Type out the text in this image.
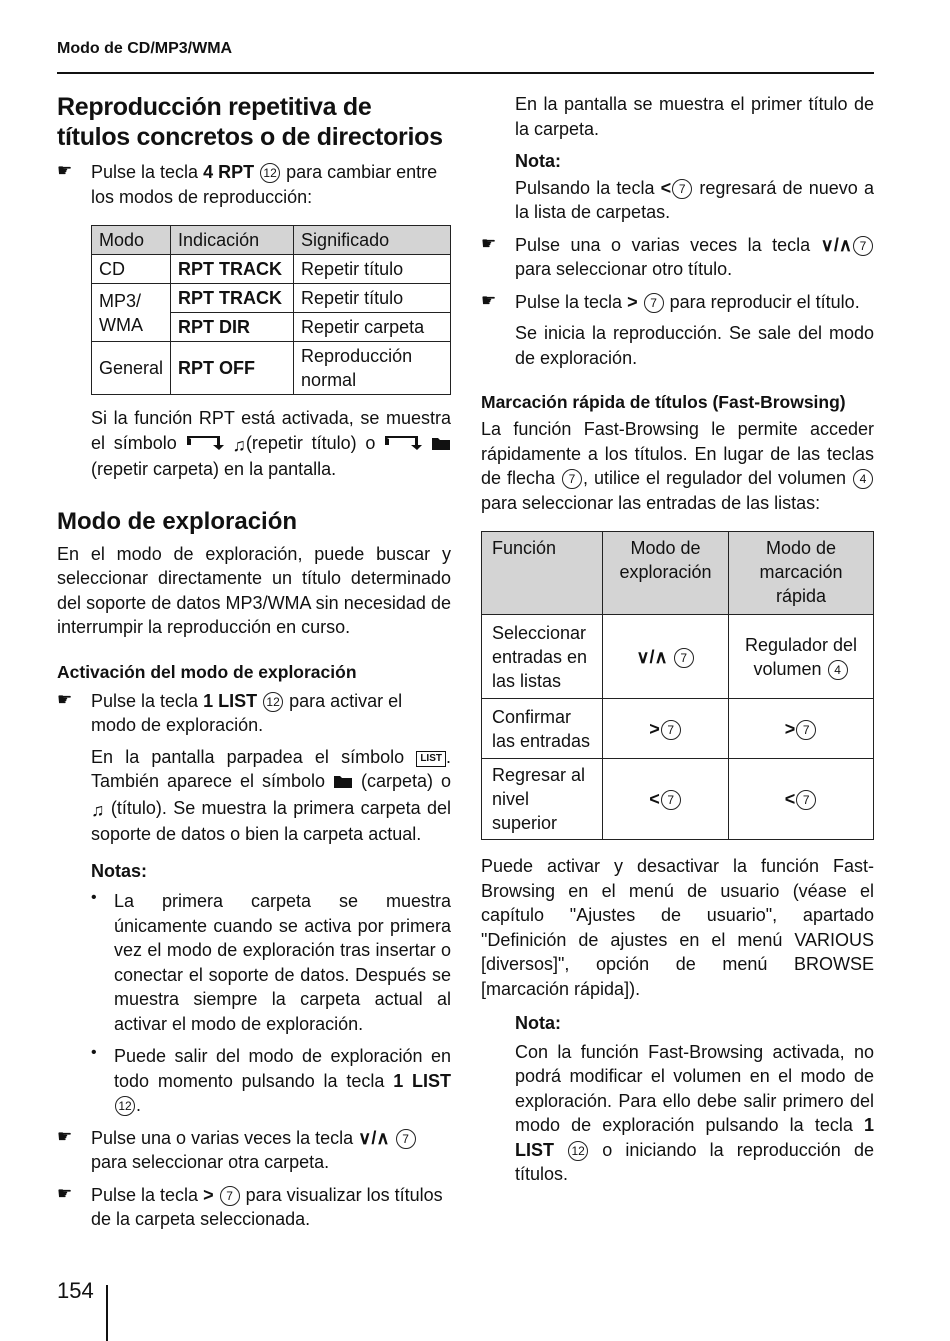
Modo de CD/MP3/WMA
Reproducción repetitiva de títulos concretos o de directorios
☛ Pulse la tecla 4 RPT 12 para cambiar entre los modos de reproducción:

Modo	Indicación	Significado
CD	RPT TRACK	Repetir título
MP3/ WMA	RPT TRACK	Repetir título
	RPT DIR	Repetir carpeta
General	RPT OFF	Reproducción normal

Si la función RPT está activada, se muestra el símbolo	♫(repetir título) o   (repetir carpeta) en la pantalla.

Modo de exploración

En el modo de exploración, puede buscar y seleccionar directamente un título determinado del soporte de datos MP3/WMA sin necesidad de interrumpir la reproducción en curso.

Activación del modo de exploración
☛ Pulse la tecla 1 LIST 12 para activar el modo de exploración.

En la pantalla parpadea el símbolo LIST . También aparece el símbolo  (carpeta) o ♫ (título). Se muestra la primera carpeta del soporte de datos o bien la carpeta actual.

Notas:

• La primera carpeta se muestra únicamente cuando se activa por primera vez el modo de exploración tras insertar o conectar el soporte de datos. Después se muestra siempre la carpeta actual al activar el modo de exploración.

• Puede salir del modo de exploración en todo momento pulsando la tecla 1 LIST 12 .

☛ Pulse una o varias veces la tecla ∨/∧ 7 para seleccionar otra carpeta.

☛ Pulse la tecla > 7 para visualizar los títulos de la carpeta seleccionada.

En la pantalla se muestra el primer título de la carpeta.

Nota:

Pulsando la tecla < 7 regresará de nuevo a la lista de carpetas.

☛ Pulse una o varias veces la tecla ∨/∧ 7 para seleccionar otro título.

☛ Pulse la tecla > 7 para reproducir el título.

Se inicia la reproducción. Se sale del modo de exploración.

Marcación rápida de títulos (Fast-Browsing)

La función Fast-Browsing le permite acceder rápidamente a los títulos. En lugar de las teclas de flecha 7 , utilice el regulador del volumen 4 para seleccionar las entradas de las listas:

Función	Modo de exploración	Modo de marcación rápida
Seleccionar entradas en las listas	∨/∧ 7	Regulador del volumen 4
Confirmar las entradas	> 7	> 7
Regresar al nivel superior	< 7	< 7

Puede activar y desactivar la función Fast-Browsing en el menú de usuario (véase el capítulo "Ajustes de usuario", apartado "Definición de ajustes en el menú VARIOUS [diversos]", opción de menú BROWSE [marcación rápida]).

Nota:

Con la función Fast-Browsing activada, no podrá modificar el volumen en el modo de exploración. Para ello debe salir primero del modo de exploración pulsando la tecla 1 LIST 12 o iniciando la reproducción de títulos.

154
